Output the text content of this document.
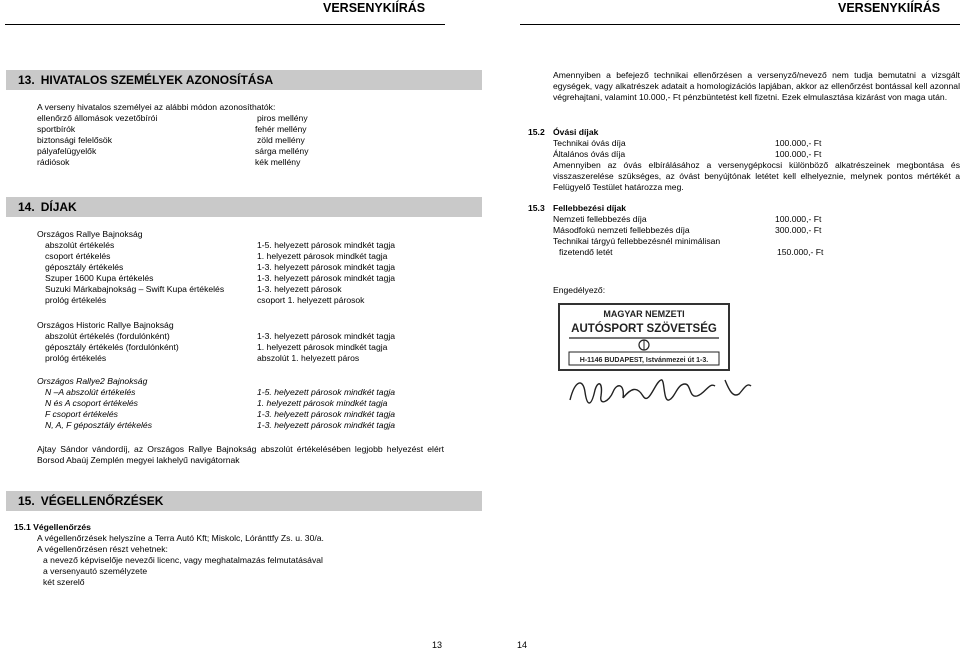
VERSENYKIÍRÁS	VERSENYKIÍRÁS
13. HIVATALOS SZEMÉLYEK AZONOSÍTÁSA
A verseny hivatalos személyei az alábbi módon azonosíthatók:
ellenőrző állomások vezetőbírói	piros mellény
sportbírók	fehér mellény
biztonsági felelősök	zöld mellény
pályafelügyelők	sárga mellény
rádiósok	kék mellény
14. DÍJAK
Országos Rallye Bajnokság
abszolút értékelés	1-5. helyezett párosok mindkét tagja
csoport értékelés	1. helyezett párosok mindkét tagja
géposztály értékelés	1-3. helyezett párosok mindkét tagja
Szuper 1600 Kupa értékelés	1-3. helyezett párosok mindkét tagja
Suzuki Márkabajnokság – Swift Kupa értékelés	1-3. helyezett párosok
prológ értékelés	csoport 1. helyezett párosok
Országos Historic Rallye Bajnokság
abszolút értékelés (fordulónként)	1-3. helyezett párosok mindkét tagja
géposztály értékelés (fordulónként)	1. helyezett párosok mindkét tagja
prológ értékelés	abszolút 1. helyezett páros
Országos Rallye2 Bajnokság
N –A abszolút értékelés	1-5. helyezett párosok mindkét tagja
N és A csoport értékelés	1. helyezett párosok mindkét tagja
F csoport értékelés	1-3. helyezett párosok mindkét tagja
N, A, F géposztály értékelés	1-3. helyezett párosok mindkét tagja
Ajtay Sándor vándordíj, az Országos Rallye Bajnokság abszolút értékelésében legjobb helyezést elért Borsod Abaúj Zemplén megyei lakhelyű navigátornak
15. VÉGELLENŐRZÉSEK
15.1 Végellenőrzés
A végellenőrzések helyszíne a Terra Autó Kft; Miskolc, Lóránttfy Zs. u. 30/a.
A végellenőrzésen részt vehetnek:
a nevező képviselője nevezői licenc, vagy meghatalmazás felmutatásával
a versenyautó személyzete
két szerelő
Amennyiben a befejező technikai ellenőrzésen a versenyző/nevező nem tudja bemutatni a vizsgált egységek, vagy alkatrészek adatait a homologizációs lapjában, akkor az ellenőrzést bontással kell azonnal végrehajtani, valamint 10.000,- Ft pénzbüntetést kell fizetni. Ezek elmulasztása kizárást von maga után.
15.2 Óvási díjak
Technikai óvás díja	100.000,- Ft
Általános óvás díja	100.000,- Ft
Amennyiben az óvás elbírálásához a versenygépkocsi különböző alkatrészeinek megbontása és visszaszerelése szükséges, az óvást benyújtónak letétet kell elhelyeznie, melynek pontos mértékét a Felügyelő Testület határozza meg.
15.3 Fellebbezési díjak
Nemzeti fellebbezés díja	100.000,- Ft
Másodfokú nemzeti fellebbezés díja	300.000,- Ft
Technikai tárgyú fellebbezésnél minimálisan
fizetendő letét	150.000,- Ft
Engedélyező:
MAGYAR NEMZETI
AUTÓSPORT SZÖVETSÉG
H-1146 BUDAPEST, Istvánmezei út 1-3.
13	14
